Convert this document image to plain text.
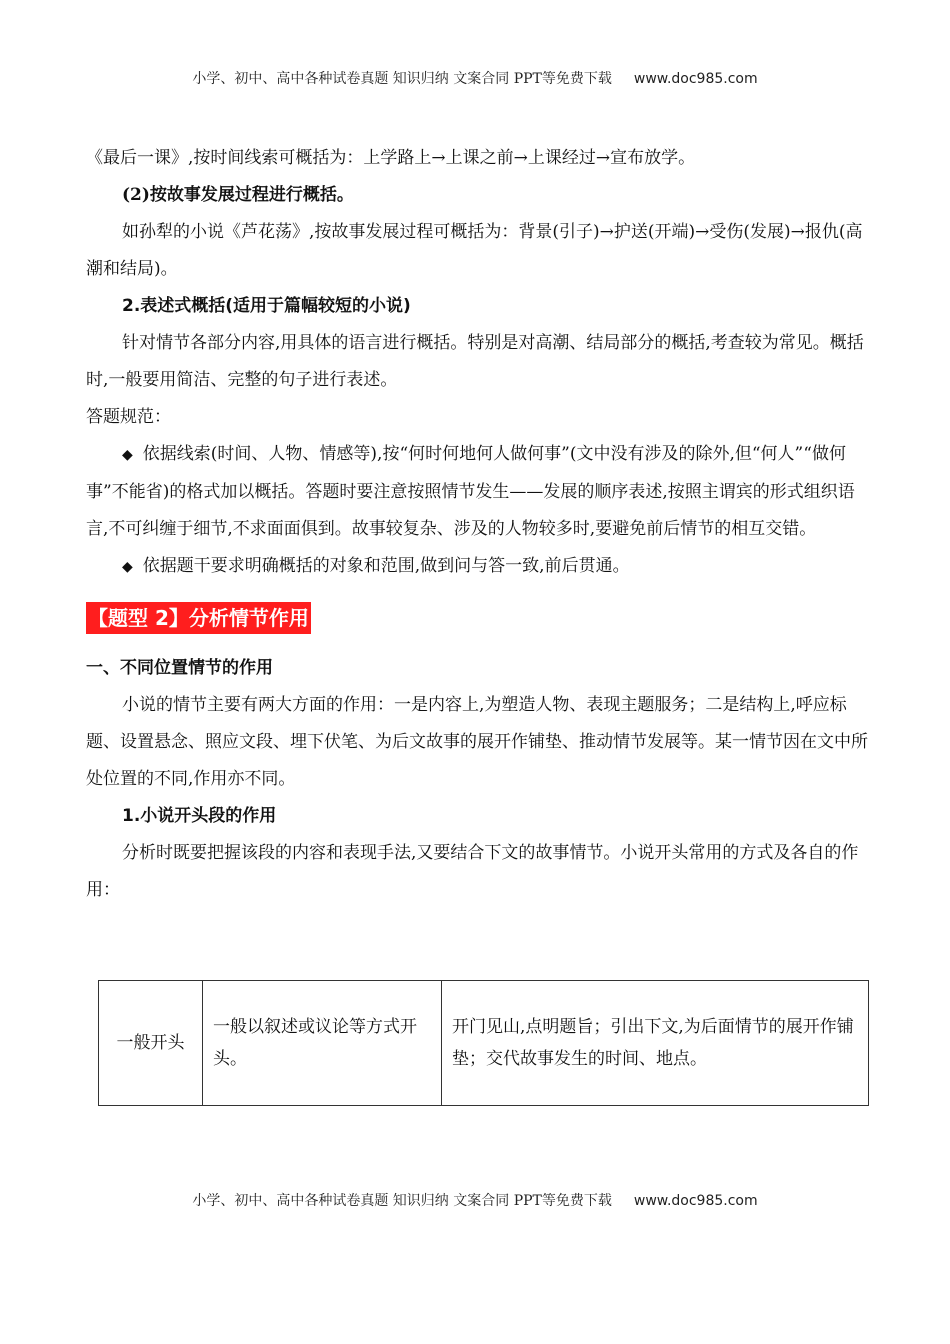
小学、初中、高中各种试卷真题 知识归纳 文案合同 PPT等免费下载 www.doc985.com

《最后一课》,按时间线索可概括为：上学路上→上课之前→上课经过→宣布放学。

(2)按故事发展过程进行概括。

如孙犁的小说《芦花荡》,按故事发展过程可概括为：背景(引子)→护送(开端)→受伤(发展)→报仇(高潮和结局)。

2.表述式概括(适用于篇幅较短的小说)

针对情节各部分内容,用具体的语言进行概括。特别是对高潮、结局部分的概括,考查较为常见。概括时,一般要用简洁、完整的句子进行表述。

答题规范：

◆ 依据线索(时间、人物、情感等),按“何时何地何人做何事”(文中没有涉及的除外,但“何人”“做何事”不能省)的格式加以概括。答题时要注意按照情节发生——发展的顺序表述,按照主谓宾的形式组织语言,不可纠缠于细节,不求面面俱到。故事较复杂、涉及的人物较多时,要避免前后情节的相互交错。

◆ 依据题干要求明确概括的对象和范围,做到问与答一致,前后贯通。

【题型 2】分析情节作用

一、不同位置情节的作用

小说的情节主要有两大方面的作用：一是内容上,为塑造人物、表现主题服务；二是结构上,呼应标题、设置悬念、照应文段、埋下伏笔、为后文故事的展开作铺垫、推动情节发展等。某一情节因在文中所处位置的不同,作用亦不同。

1.小说开头段的作用

分析时既要把握该段的内容和表现手法,又要结合下文的故事情节。小说开头常用的方式及各自的作用：

一般开头	一般以叙述或议论等方式开头。	开门见山,点明题旨；引出下文,为后面情节的展开作铺垫；交代故事发生的时间、地点。
小学、初中、高中各种试卷真题 知识归纳 文案合同 PPT等免费下载 www.doc985.com
